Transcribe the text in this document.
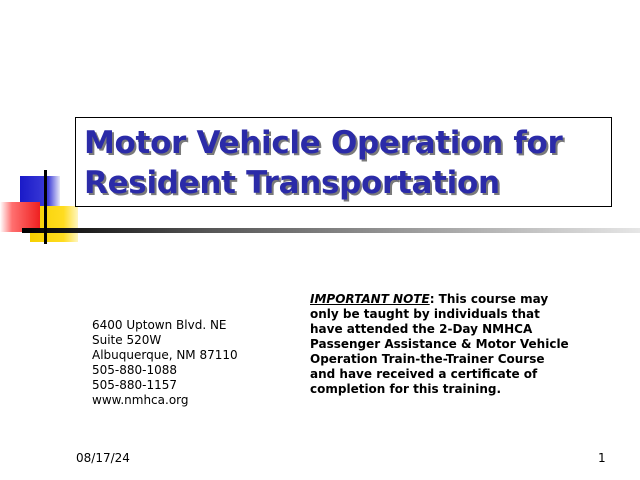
Motor Vehicle Operation for
Resident Transportation
6400 Uptown Blvd. NE
Suite 520W
Albuquerque, NM 87110
505-880-1088
505-880-1157
www.nmhca.org
IMPORTANT NOTE: This course may only be taught by individuals that have attended the 2-Day NMHCA Passenger Assistance & Motor Vehicle Operation Train-the-Trainer Course and have received a certificate of completion for this training.
08/17/24	1
